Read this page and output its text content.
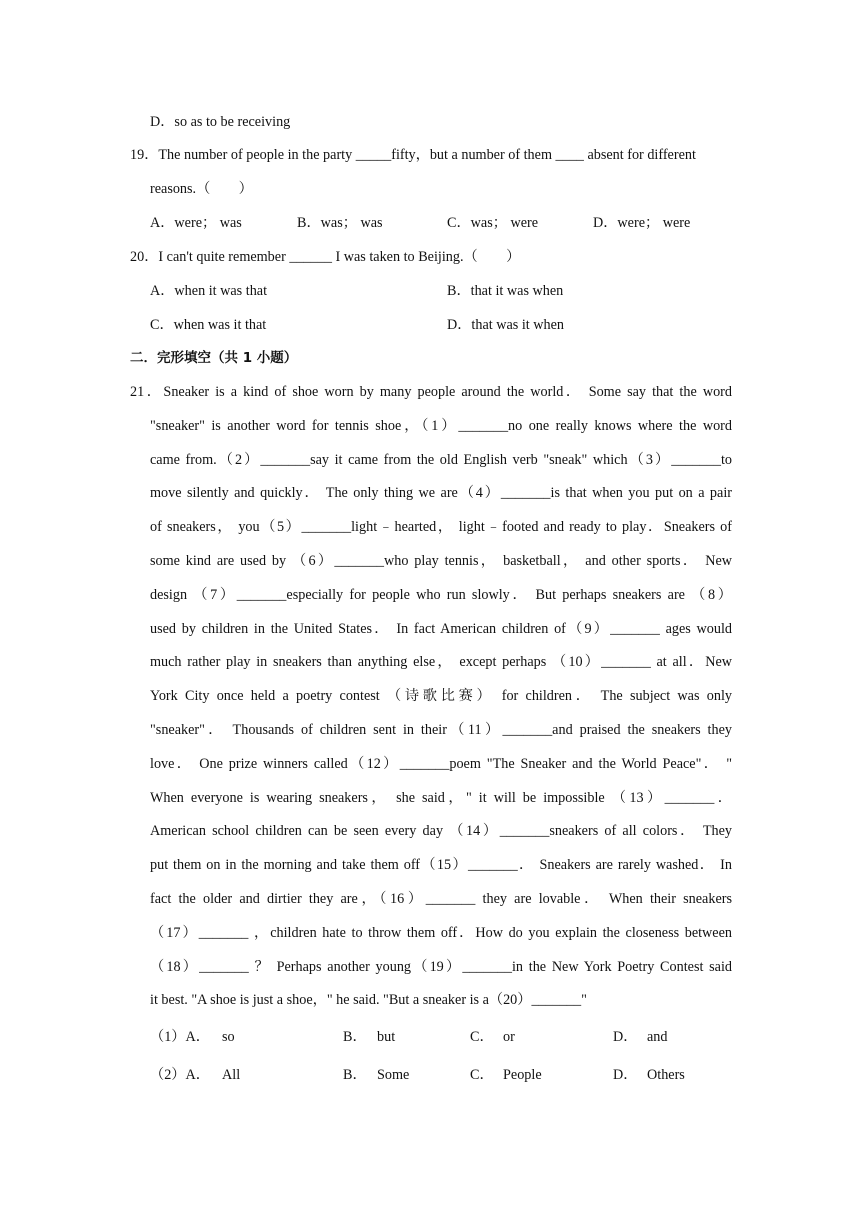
D．so as to be receiving
19．The number of people in the party _____fifty，but a number of them ____ absent for different
reasons.（　　）
A．were； was	B．was； was	C．was； were	D．were； were
20．I can't quite remember ______ I was taken to Beijing.（　　）
A．when it was that	B．that it was when
C．when was it that	D．that was it when
二．完形填空（共 1 小题）
21．Sneaker is a kind of shoe worn by many people around the world． Some say that the word
"sneaker" is another word for tennis shoe，（1）_______no one really knows where the word
came from.（2）_______say it came from the old English verb "sneak" which（3）_______to
move silently and quickly． The only thing we are（4）_______is that when you put on a pair
of sneakers， you（5）_______light﹣hearted， light﹣footed and ready to play．Sneakers of
some kind are used by （6）_______who play tennis， basketball， and other sports． New
design （7）_______especially for people who run slowly． But perhaps sneakers are （8）
used by children in the United States． In fact American children of（9）_______ ages would
much rather play in sneakers than anything else， except perhaps （10）_______ at all．New
York City once held a poetry contest （诗歌比赛） for children． The subject was only
"sneaker"． Thousands of children sent in their（11）_______and praised the sneakers they
love． One prize winners called（12）_______poem "The Sneaker and the World Peace"． "
When everyone is wearing sneakers， she said，" it will be impossible （13）_______．
American school children can be seen every day （14）_______sneakers of all colors． They
put them on in the morning and take them off（15）_______． Sneakers are rarely washed． In
fact the older and dirtier they are，（16）_______ they are lovable． When their sneakers
（17）_______ ，children hate to throw them off．How do you explain the closeness between
（18）_______ ？ Perhaps another young（19）_______in the New York Poetry Contest said
it best. "A shoe is just a shoe，" he said. "But a sneaker is a（20）_______"
（1）A． so	B． but	C． or	D． and
（2）A． All	B． Some	C． People	D． Others
